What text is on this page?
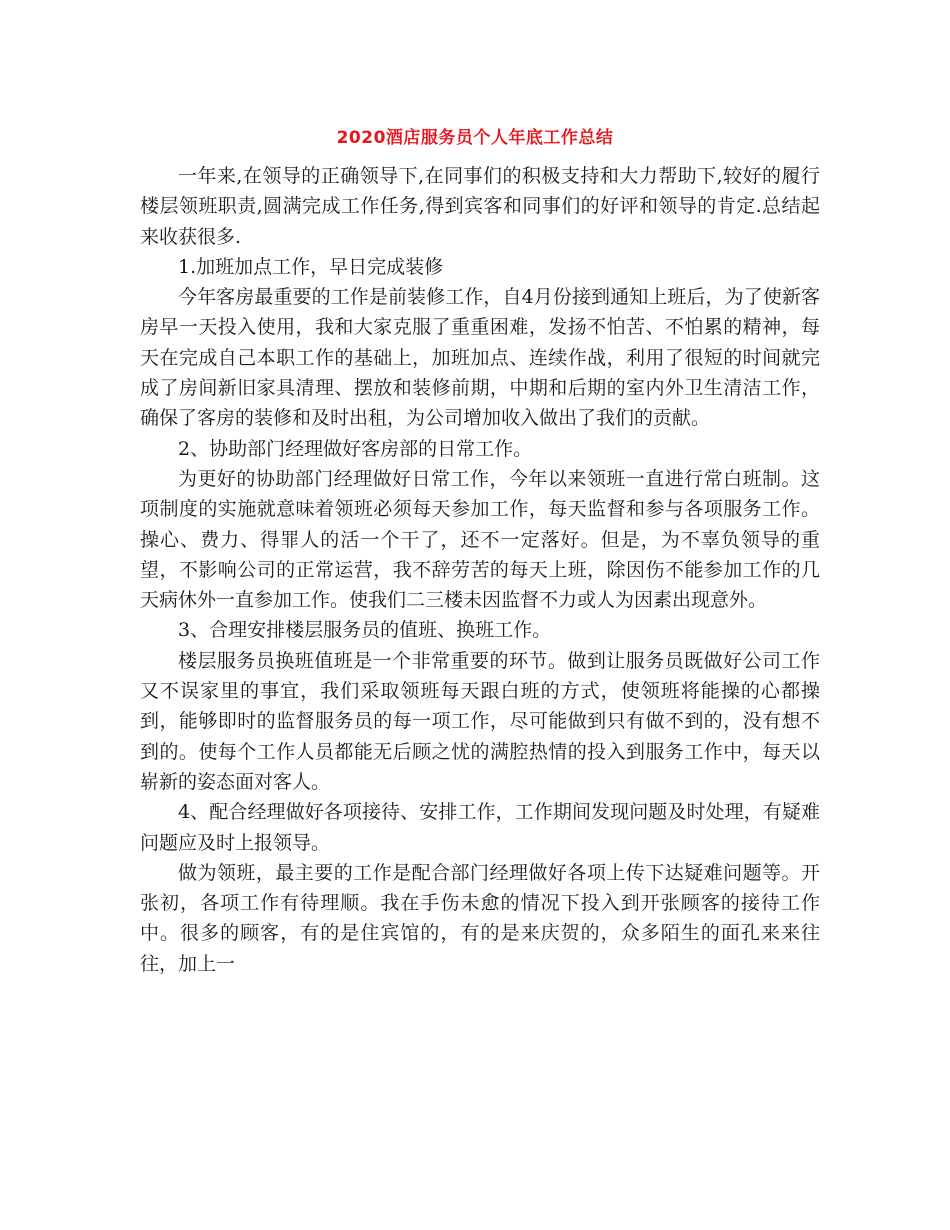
2020酒店服务员个人年底工作总结

一年来,在领导的正确领导下,在同事们的积极支持和大力帮助下,较好的履行楼层领班职责,圆满完成工作任务,得到宾客和同事们的好评和领导的肯定.总结起来收获很多.

1.加班加点工作，早日完成装修

今年客房最重要的工作是前装修工作，自4月份接到通知上班后，为了使新客房早一天投入使用，我和大家克服了重重困难，发扬不怕苦、不怕累的精神，每天在完成自己本职工作的基础上，加班加点、连续作战，利用了很短的时间就完成了房间新旧家具清理、摆放和装修前期，中期和后期的室内外卫生清洁工作，确保了客房的装修和及时出租，为公司增加收入做出了我们的贡献。

2、协助部门经理做好客房部的日常工作。

为更好的协助部门经理做好日常工作，今年以来领班一直进行常白班制。这项制度的实施就意味着领班必须每天参加工作，每天监督和参与各项服务工作。操心、费力、得罪人的活一个干了，还不一定落好。但是，为不辜负领导的重望，不影响公司的正常运营，我不辞劳苦的每天上班，除因伤不能参加工作的几天病休外一直参加工作。使我们二三楼未因监督不力或人为因素出现意外。

3、合理安排楼层服务员的值班、换班工作。

楼层服务员换班值班是一个非常重要的环节。做到让服务员既做好公司工作又不误家里的事宜，我们采取领班每天跟白班的方式，使领班将能操的心都操到，能够即时的监督服务员的每一项工作，尽可能做到只有做不到的，没有想不到的。使每个工作人员都能无后顾之忧的满腔热情的投入到服务工作中，每天以崭新的姿态面对客人。

4、配合经理做好各项接待、安排工作，工作期间发现问题及时处理，有疑难问题应及时上报领导。

做为领班，最主要的工作是配合部门经理做好各项上传下达疑难问题等。开张初，各项工作有待理顺。我在手伤未愈的情况下投入到开张顾客的接待工作中。很多的顾客，有的是住宾馆的，有的是来庆贺的，众多陌生的面孔来来往往，加上一
